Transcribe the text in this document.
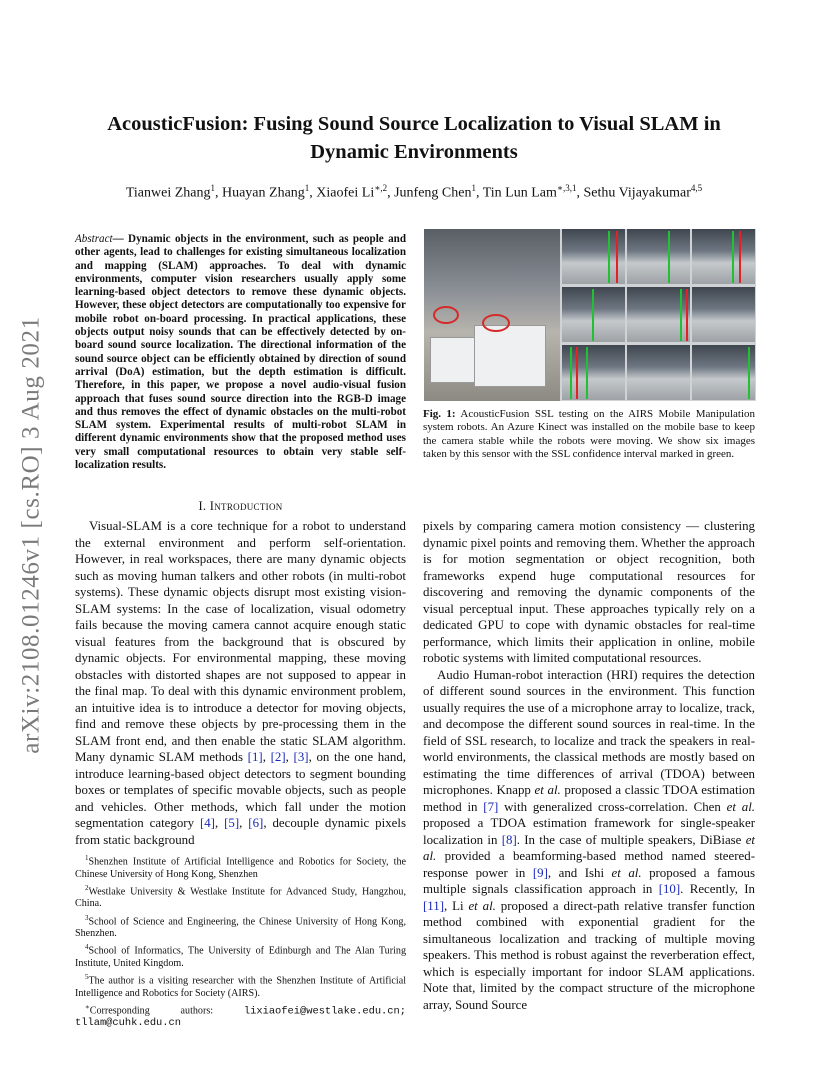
arXiv:2108.01246v1 [cs.RO] 3 Aug 2021
AcousticFusion: Fusing Sound Source Localization to Visual SLAM in
Dynamic Environments
Tianwei Zhang$^1$, Huayan Zhang$^1$, Xiaofei $Li^{∗,2}$, Junfeng Chen$^1$, Tin Lun Lam$^{∗,3,1}$, Sethu Vijayakumar$^{4,5}$
Abstract— Dynamic objects in the environment, such as people and other agents, lead to challenges for existing simultaneous localization and mapping (SLAM) approaches. To deal with dynamic environments, computer vision researchers usually apply some learning-based object detectors to remove these dynamic objects. However, these object detectors are computationally too expensive for mobile robot on-board processing. In practical applications, these objects output noisy sounds that can be effectively detected by on-board sound source localization. The directional information of the sound source object can be efficiently obtained by direction of sound arrival (DoA) estimation, but the depth estimation is difficult. Therefore, in this paper, we propose a novel audio-visual fusion approach that fuses sound source direction into the RGB-D image and thus removes the effect of dynamic obstacles on the multi-robot SLAM system. Experimental results of multi-robot SLAM in different dynamic environments show that the proposed method uses very small computational resources to obtain very stable self-localization results.
I. Introduction

Visual-SLAM is a core technique for a robot to understand the external environment and perform self-orientation. However, in real workspaces, there are many dynamic objects such as moving human talkers and other robots (in multi-robot systems). These dynamic objects disrupt most existing vision-SLAM systems: In the case of localization, visual odometry fails because the moving camera cannot acquire enough static visual features from the background that is obscured by dynamic objects. For environmental mapping, these moving obstacles with distorted shapes are not supposed to appear in the final map. To deal with this dynamic environment problem, an intuitive idea is to introduce a detector for moving objects, find and remove these objects by pre-processing them in the SLAM front end, and then enable the static SLAM algorithm. Many dynamic SLAM methods [1], [2], [3], on the one hand, introduce learning-based object detectors to segment bounding boxes or templates of specific movable objects, such as people and vehicles. Other methods, which fall under the motion segmentation category [4], [5], [6], decouple dynamic pixels from static background

$^1$Shenzhen Institute of Artificial Intelligence and Robotics for Society, the Chinese University of Hong Kong, Shenzhen

$^2$Westlake University & Westlake Institute for Advanced Study, Hangzhou, China.

$^3$School of Science and Engineering, the Chinese University of Hong Kong, Shenzhen.

$^4$School of Informatics, The University of Edinburgh and The Alan Turing Institute, United Kingdom.

$^5$The author is a visiting researcher with the Shenzhen Institute of Artificial Intelligence and Robotics for Society (AIRS).

∗Corresponding authors:	lixiaofei@westlake.edu.cn; tllam@cuhk.edu.cn

Fig. 1: AcousticFusion SSL testing on the AIRS Mobile Manipulation system robots. An Azure Kinect was installed on the mobile base to keep the camera stable while the robots were moving. We show six images taken by this sensor with the SSL confidence interval marked in green.

pixels by comparing camera motion consistency — clustering dynamic pixel points and removing them. Whether the approach is for motion segmentation or object recognition, both frameworks expend huge computational resources for discovering and removing the dynamic components of the visual perceptual input. These approaches typically rely on a dedicated GPU to cope with dynamic obstacles for real-time performance, which limits their application in online, mobile robotic systems with limited computational resources.

Audio Human-robot interaction (HRI) requires the detection of different sound sources in the environment. This function usually requires the use of a microphone array to localize, track, and decompose the different sound sources in real-time. In the field of SSL research, to localize and track the speakers in real-world environments, the classical methods are mostly based on estimating the time differences of arrival (TDOA) between microphones. Knapp et al. proposed a classic TDOA estimation method in [7] with generalized cross-correlation. Chen et al. proposed a TDOA estimation framework for single-speaker localization in [8]. In the case of multiple speakers, DiBiase et al. provided a beamforming-based method named steered-response power in [9], and Ishi et al. proposed a famous multiple signals classification approach in [10]. Recently, In [11], Li et al. proposed a direct-path relative transfer function method combined with exponential gradient for the simultaneous localization and tracking of multiple moving speakers. This method is robust against the reverberation effect, which is especially important for indoor SLAM applications. Note that, limited by the compact structure of the microphone array, Sound Source
